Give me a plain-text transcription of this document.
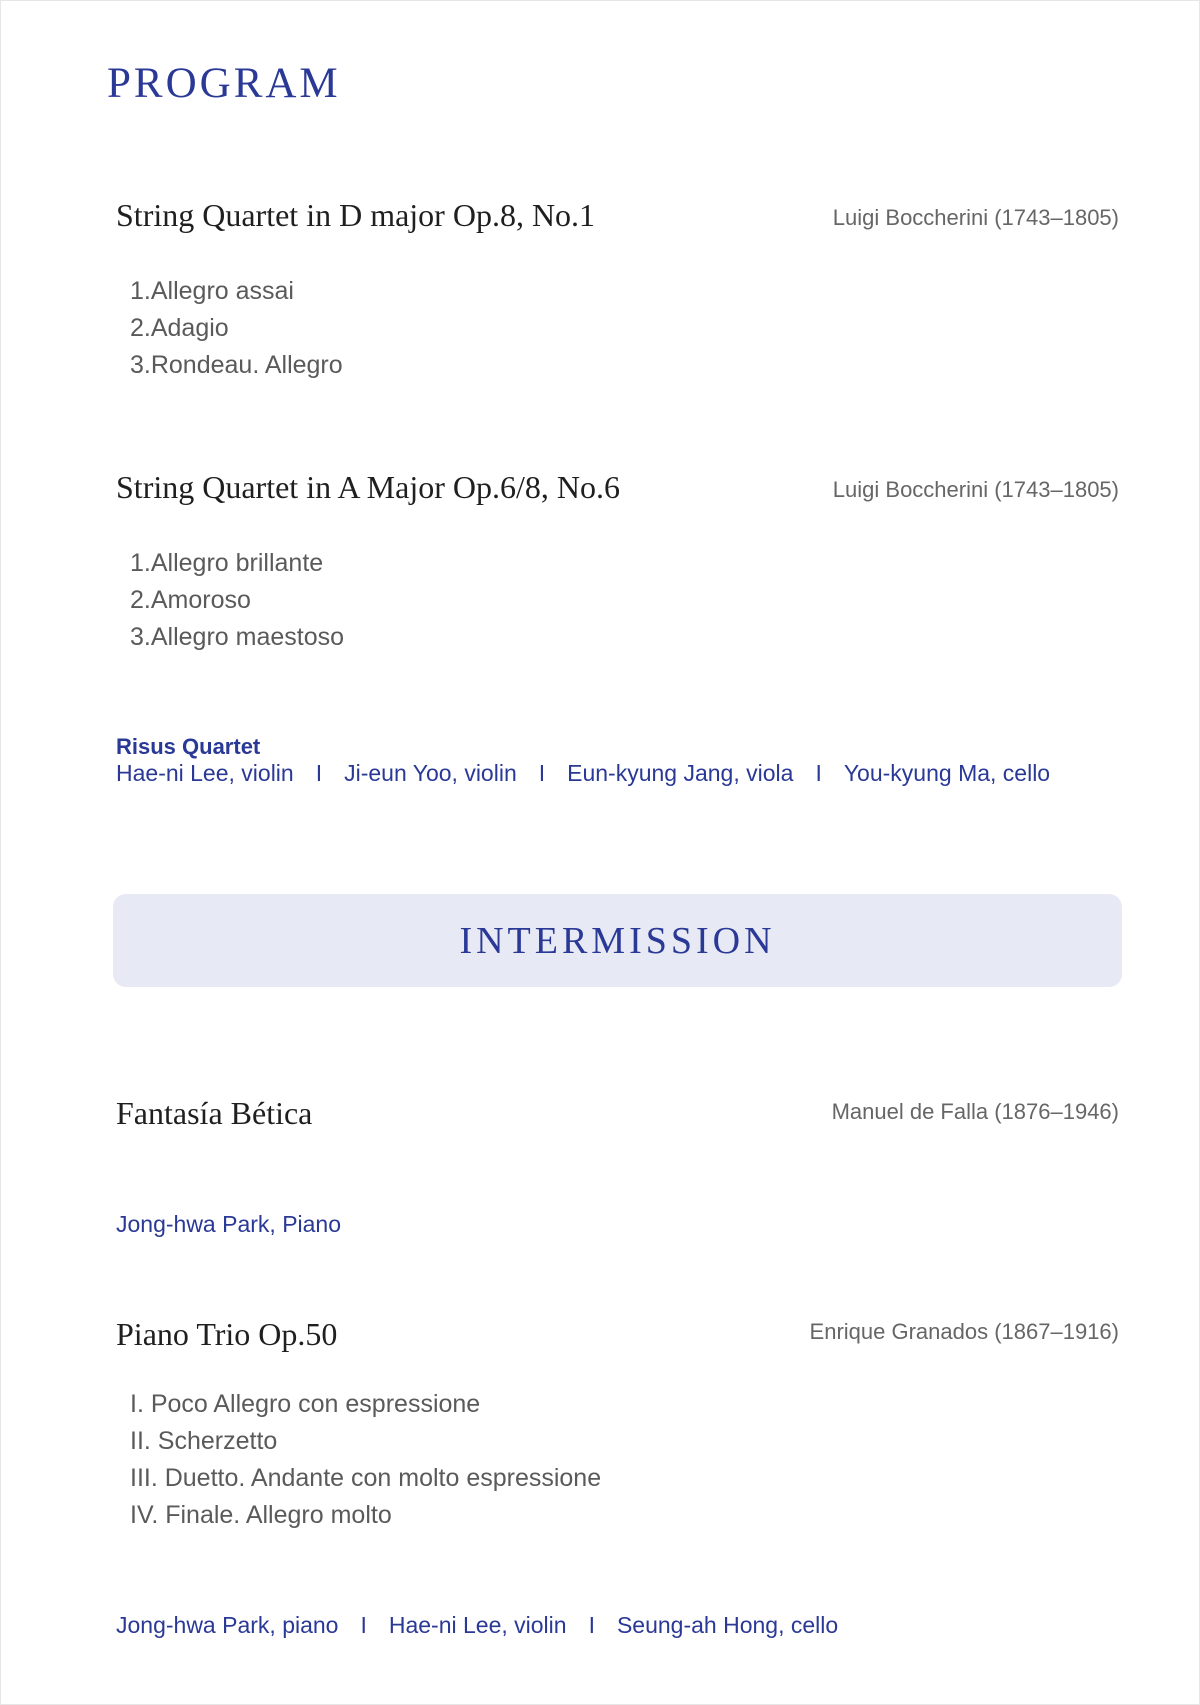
PROGRAM
String Quartet in D major Op.8, No.1	Luigi Boccherini (1743–1805)
1.Allegro assai
2.Adagio
3.Rondeau. Allegro
String Quartet in A Major Op.6/8, No.6	Luigi Boccherini (1743–1805)
1.Allegro brillante
2.Amoroso
3.Allegro maestoso
Risus Quartet
Hae-ni Lee, violin I Ji-eun Yoo, violin I Eun-kyung Jang, viola I You-kyung Ma, cello
INTERMISSION
Fantasía Bética	Manuel de Falla (1876–1946)
Jong-hwa Park, Piano
Piano Trio Op.50	Enrique Granados (1867–1916)
I. Poco Allegro con espressione
II. Scherzetto
III. Duetto. Andante con molto espressione
IV. Finale. Allegro molto
Jong-hwa Park, piano I Hae-ni Lee, violin I Seung-ah Hong, cello
